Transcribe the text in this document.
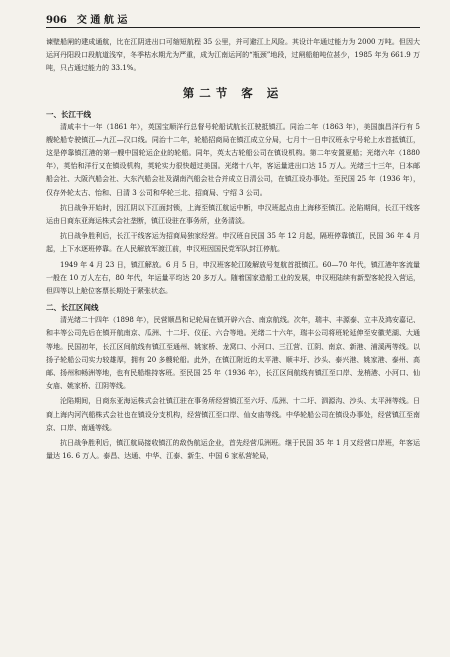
906 交 通 航 运

谏壁船闸的建成通航，比在江阴进出口可缩短航程 35 公里，并可避江上风险。其设计年通过能力为 2000 万吨。但因大运河丹阳段口段航道浅窄，冬季枯水期尤为严重，成为江南运河的“瓶颈”地段，过闸船舶吨位甚少，1985 年为 661.9 万吨，只占通过能力的 33.1%。

第二节 客 运
一、长江干线

清咸丰十一年（1861 年），英国宝顺洋行总督号轮船试航长江驶抵镇江。同治二年（1863 年），美国旗昌洋行有 5 艘轮船专驶镇江—九江—汉口线。同治十二年，轮船招商局在镇江成立分局，七月十一日申汉班永宁号轮上水首抵镇江，这是停靠镇江港的第一艘中国轮运企业的轮船。同年，英太古轮船公司在镇设机构。第二年安置夏船；光绪六年（1880 年），英怡和洋行又在镇设机构，英轮实力很快超过美国。光绪十八年，客运量进出口达 15 万人。光绪三十三年，日本邮船会社、大阪汽船会社、大东汽船会社及湖南汽船会社合并成立日清公司，在镇江设办事处。至民国 25 年（1936 年），仅存外轮太古、怡和、日清 3 公司和华轮三北、招商局、宁绍 3 公司。

抗日战争开始时，因江阴以下江面封锁，上海至镇江航运中断，申汉班起点由上海移至镇江。沦陷期间，长江干线客运由日商东亚海运株式会社垄断，镇江设驻在事务所，业务清淡。

抗日战争胜利后，长江干线客运为招商局独家经营。申汉班自民国 35 年 12 月起，隔班停靠镇江，民国 36 年 4 月起，上下水逐班停靠。在人民解放军渡江前，申汉班因国民党军队封江停航。

1949 年 4 月 23 日，镇江解放。6 月 5 日，申汉班客轮江陵解放号复航首抵镇江。60—70 年代，镇江港年客流量一般在 10 万人左右，80 年代，年运量平均达 20 多万人。随着国家造船工业的发展，申汉班陆续有新型客轮投入营运，但四等以上舱位客票长期处于紧张状态。

二、长江区间线

清光绪二十四年（1898 年），民营顺昌和记轮局在镇开辟六合、南京航线。次年，瑞丰、丰源泰、立丰及鸿安嘉记、和丰等公司先后在镇开航南京、瓜洲、十二圩、仪征、六合等地。光绪二十六年，瑞丰公司将班轮延伸至安徽芜湖、大通等地。民国初年，长江区间航线有镇江至通州、姚家桥、龙窝口、小河口、三江营、江阴、南京、新港、浦溪两等线。以扬子轮船公司实力较雄厚，拥有 20 多艘轮船。此外，在镇江附近的太平港、顺丰圩、沙头、泰兴港、姚家港、泰州、高邮、扬州和畅洲等地，也有民船维持客班。至民国 25 年（1936 年），长江区间航线有镇江至口岸、龙梢港、小河口、仙女庙、姚家桥、江阴等线。

沦陷期间，日商东亚海运株式会社镇江驻在事务所经营镇江至六圩、瓜洲、十二圩、泗源沟、沙头、太平洲等线。日商上海内河汽船株式会社也在镇设分支机构，经营镇江至口岸、仙女庙等线。中华轮船公司在镇设办事处，经营镇江至南京、口岸、南通等线。

抗日战争胜利后，镇江航局接收镇江的敌伪航运企业，首先经营瓜洲班。继于民国 35 年 1 月又经营口岸班，年客运量达 16. 6 万人。泰昌、达通、中华、江泰、新生、中国 6 家私营轮局，
